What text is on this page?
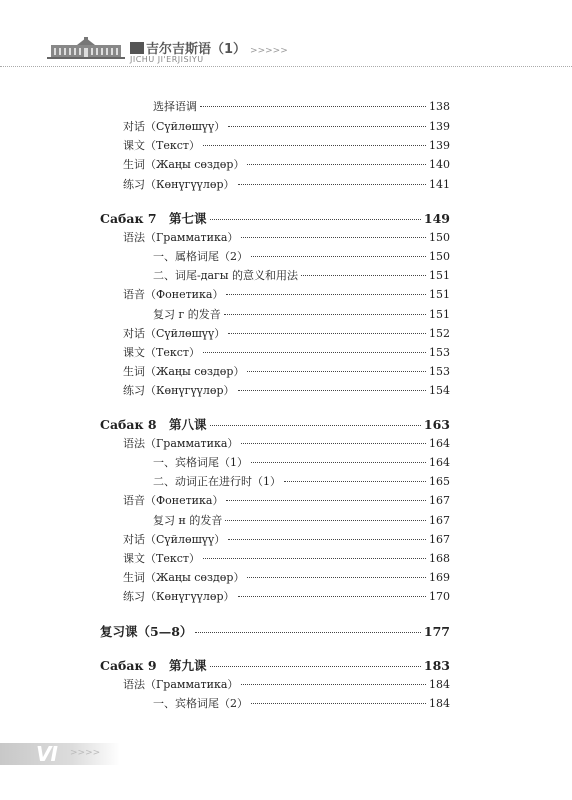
吉尔吉斯语（1） >>>>>
JICHU JI'ERJISIYU
选择语调	138
对话（Сүйлөшүү）	139
课文（Текст）	139
生词（Жаңы сөздөр）	140
练习（Көнүгүүлөр）	141
Сабак 7　第七课	149
语法（Грамматика）	150
一、属格词尾（2）	150
二、词尾-дагы 的意义和用法	151
语音（Фонетика）	151
复习 г 的发音	151
对话（Сүйлөшүү）	152
课文（Текст）	153
生词（Жаңы сөздөр）	153
练习（Көнүгүүлөр）	154
Сабак 8　第八课	163
语法（Грамматика）	164
一、宾格词尾（1）	164
二、动词正在进行时（1）	165
语音（Фонетика）	167
复习 н 的发音	167
对话（Сүйлөшүү）	167
课文（Текст）	168
生词（Жаңы сөздөр）	169
练习（Көнүгүүлөр）	170
复习课（5—8）	177
Сабак 9　第九课	183
语法（Грамматика）	184
一、宾格词尾（2）	184
VI >>>>
